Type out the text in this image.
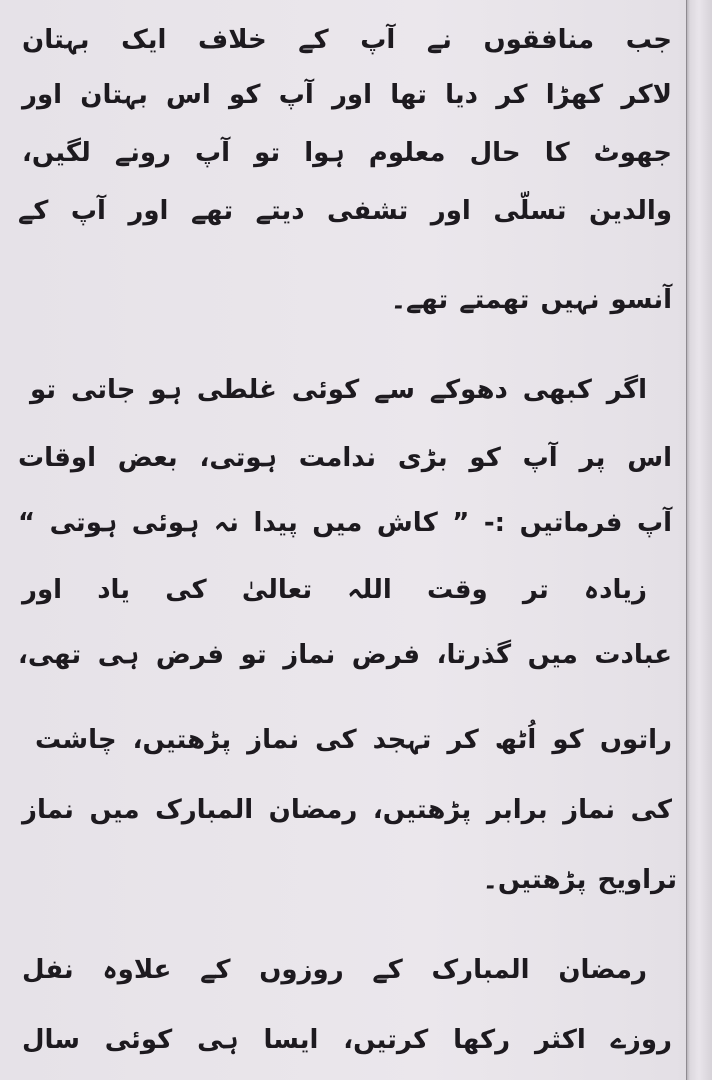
جب منافقوں نے آپ کے خلاف ایک بہتان
لاکر کھڑا کر دیا تھا اور آپ کو اس بہتان اور
جھوٹ کا حال معلوم ہوا تو آپ رونے لگیں،
والدین تسلّی اور تشفی دیتے تھے اور آپ کے
آنسو نہیں تھمتے تھے۔
اگر کبھی دھوکے سے کوئی غلطی ہو جاتی تو
اس پر آپ کو بڑی ندامت ہوتی، بعض اوقات
آپ فرماتیں :- ” کاش میں پیدا نہ ہوئی ہوتی “
زیادہ تر وقت اللہ تعالیٰ کی یاد اور
عبادت میں گذرتا، فرض نماز تو فرض ہی تھی،
راتوں کو اُٹھ کر تہجد کی نماز پڑھتیں، چاشت
کی نماز برابر پڑھتیں، رمضان المبارک میں نماز
تراویح پڑھتیں۔
رمضان المبارک کے روزوں کے علاوہ نفل
روزے اکثر رکھا کرتیں، ایسا ہی کوئی سال
